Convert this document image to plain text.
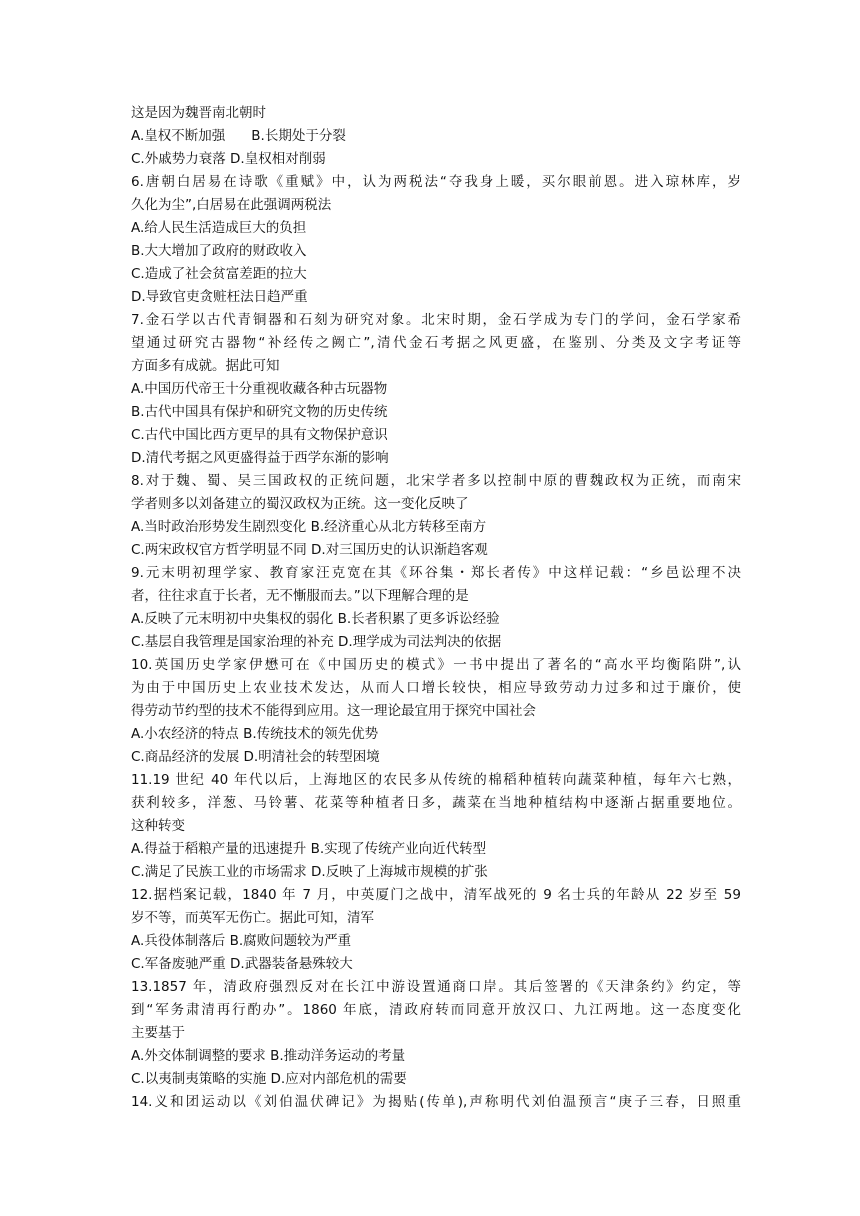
这是因为魏晋南北朝时
A.皇权不断加强 B.长期处于分裂
C.外戚势力衰落 D.皇权相对削弱
6.唐朝白居易在诗歌《重赋》中，认为两税法“夺我身上暖，买尔眼前恩。进入琼林库，岁
久化为尘”,白居易在此强调两税法
A.给人民生活造成巨大的负担
B.大大增加了政府的财政收入
C.造成了社会贫富差距的拉大
D.导致官吏贪赃枉法日趋严重
7.金石学以古代青铜器和石刻为研究对象。北宋时期，金石学成为专门的学问，金石学家希
望通过研究古器物“补经传之阙亡”,清代金石考据之风更盛，在鉴别、分类及文字考证等
方面多有成就。据此可知
A.中国历代帝王十分重视收藏各种古玩器物
B.古代中国具有保护和研究文物的历史传统
C.古代中国比西方更早的具有文物保护意识
D.清代考据之风更盛得益于西学东渐的影响
8.对于魏、蜀、吴三国政权的正统问题，北宋学者多以控制中原的曹魏政权为正统，而南宋
学者则多以刘备建立的蜀汉政权为正统。这一变化反映了
A.当时政治形势发生剧烈变化 B.经济重心从北方转移至南方
C.两宋政权官方哲学明显不同 D.对三国历史的认识渐趋客观
9.元末明初理学家、教育家汪克宽在其《环谷集・郑长者传》中这样记载：“乡邑讼理不决
者，往往求直于长者，无不慚服而去。”以下理解合理的是
A.反映了元末明初中央集权的弱化 B.长者积累了更多诉讼经验
C.基层自我管理是国家治理的补充 D.理学成为司法判决的依据
10.英国历史学家伊懋可在《中国历史的模式》一书中提出了著名的“高水平均衡陷阱”,认
为由于中国历史上农业技术发达，从而人口增长较快，相应导致劳动力过多和过于廉价，使
得劳动节约型的技术不能得到应用。这一理论最宜用于探究中国社会
A.小农经济的特点 B.传统技术的领先优势
C.商品经济的发展 D.明清社会的转型困境
11.19 世纪 40 年代以后，上海地区的农民多从传统的棉稻种植转向蔬菜种植，每年六七熟，
获利较多，洋葱、马铃薯、花菜等种植者日多，蔬菜在当地种植结构中逐渐占据重要地位。
这种转变
A.得益于稻粮产量的迅速提升 B.实现了传统产业向近代转型
C.满足了民族工业的市场需求 D.反映了上海城市规模的扩张
12.据档案记载，1840 年 7 月，中英厦门之战中，清军战死的 9 名士兵的年龄从 22 岁至 59
岁不等，而英军无伤亡。据此可知，清军
A.兵役体制落后 B.腐败问题较为严重
C.军备废驰严重 D.武器装备悬殊较大
13.1857 年，清政府强烈反对在长江中游设置通商口岸。其后签署的《天津条约》约定，等
到“军务肃清再行酌办”。1860 年底，清政府转而同意开放汉口、九江两地。这一态度变化
主要基于
A.外交体制调整的要求 B.推动洋务运动的考量
C.以夷制夷策略的实施 D.应对内部危机的需要
14.义和团运动以《刘伯温伏碑记》为揭贴(传单),声称明代刘伯温预言“庚子三春，日照重
